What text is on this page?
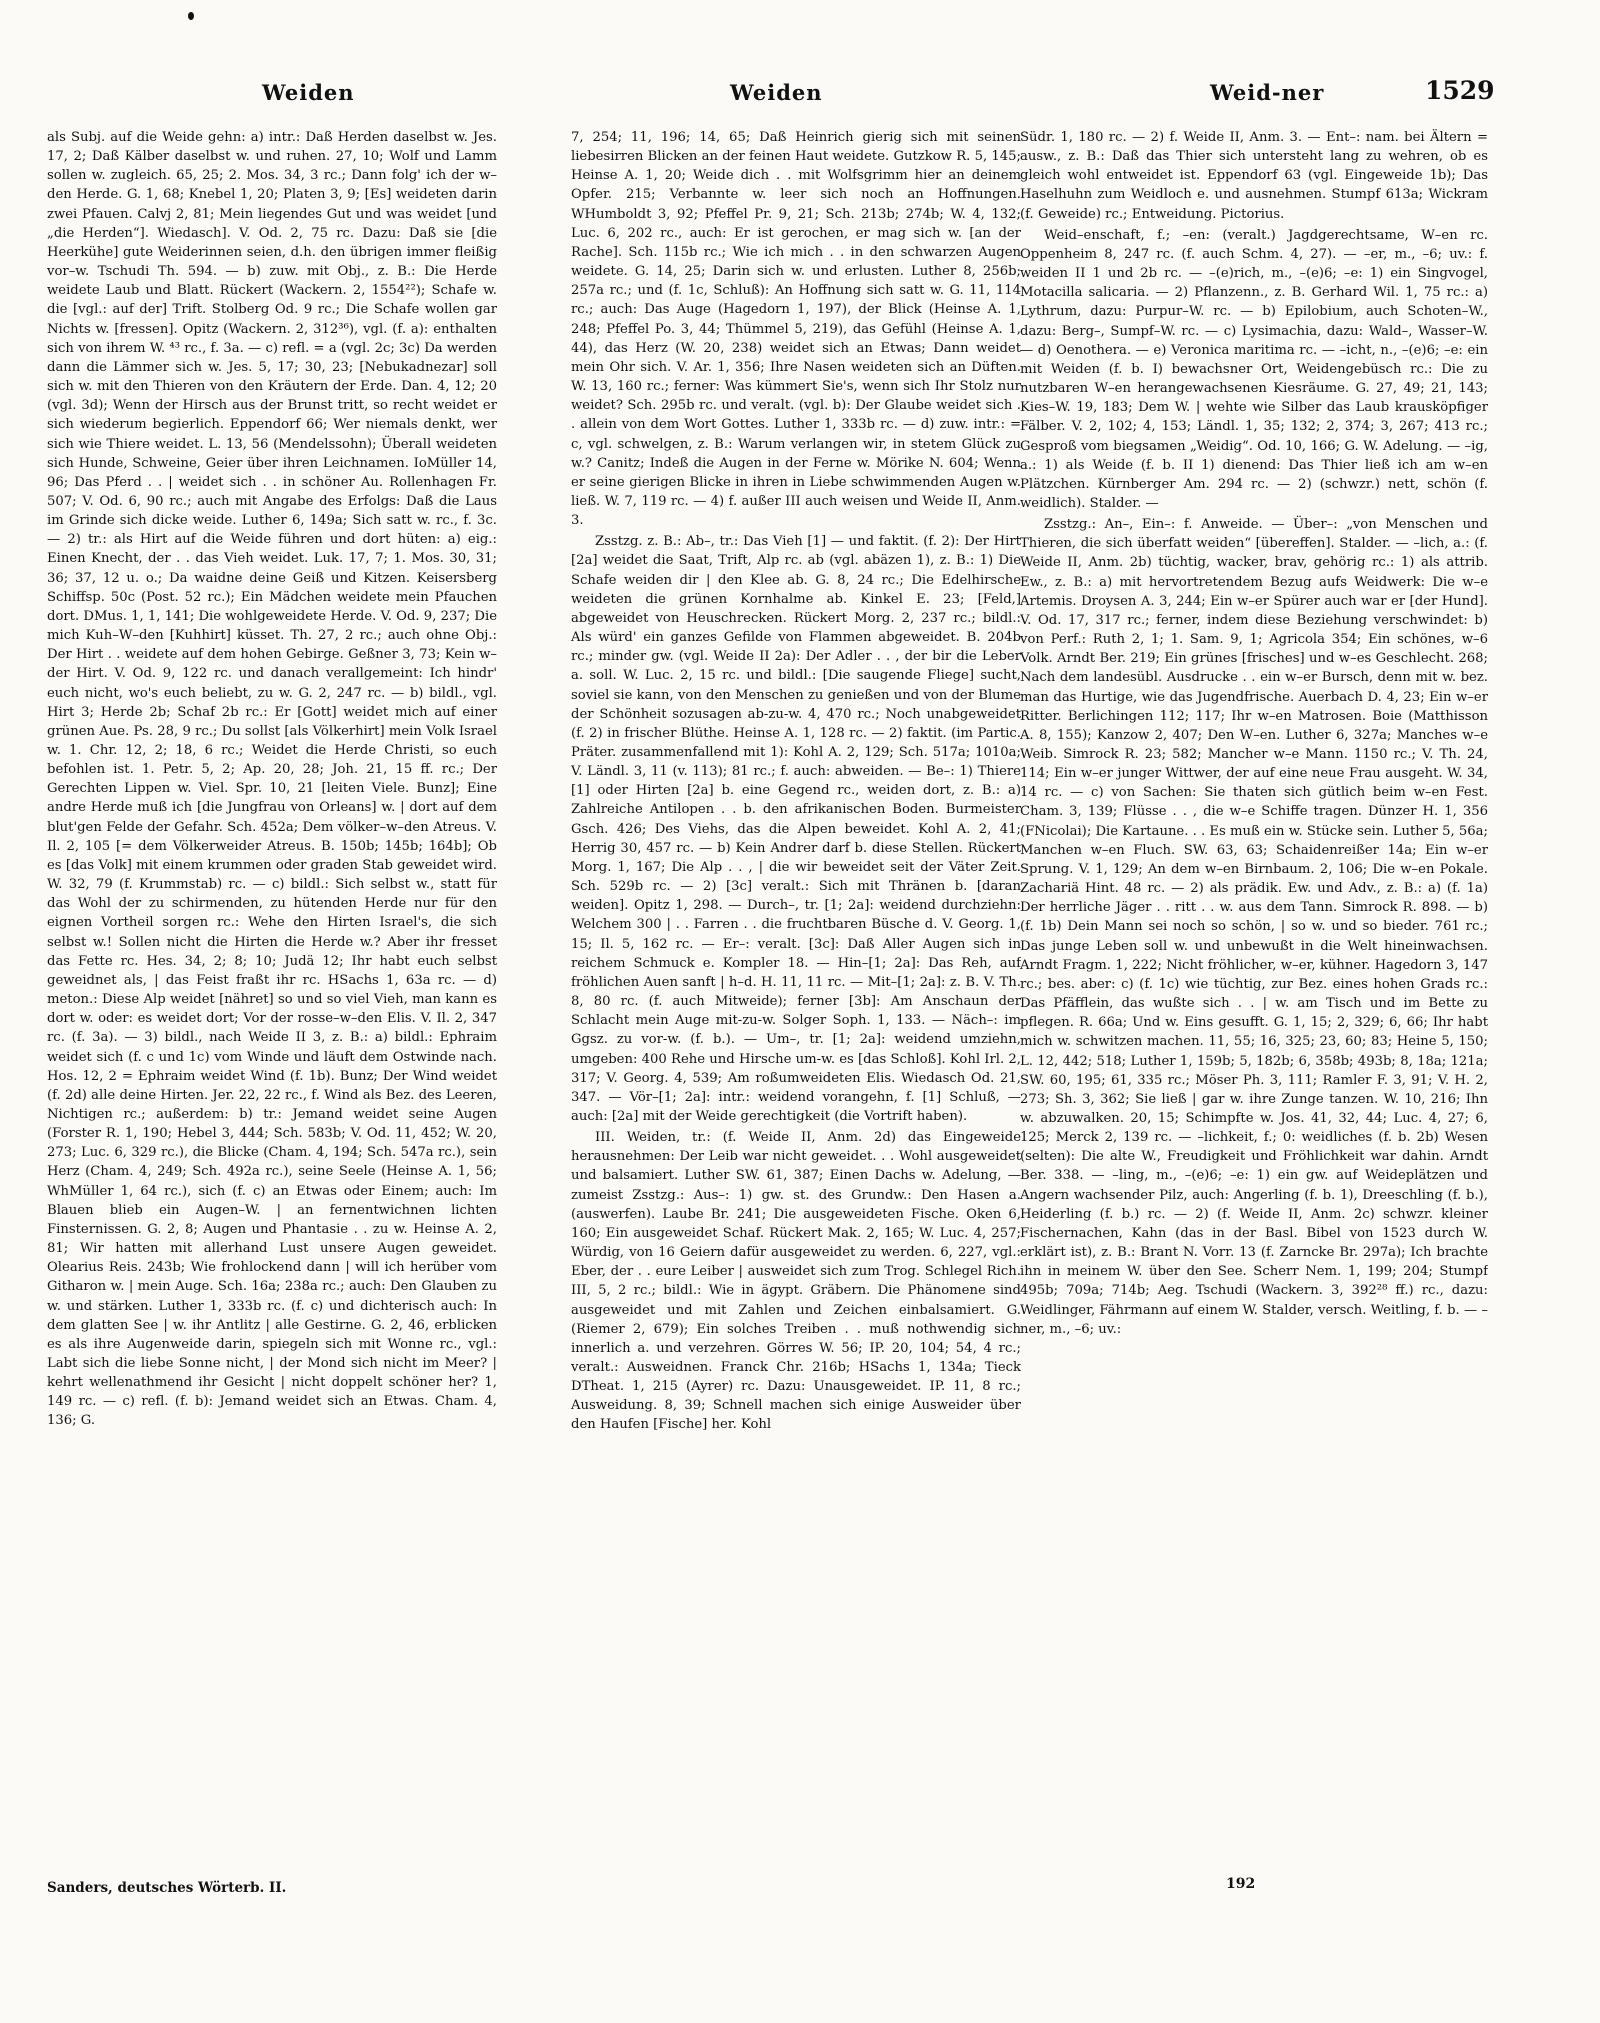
Weiden	Weiden	Weid-ner	1529

als Subj. auf die Weide gehn: a) intr.: Daß Herden daselbst w. Jes. 17, 2; Daß Kälber daselbst w. und ruhen. 27, 10; Wolf und Lamm sollen w. zugleich. 65, 25; 2. Mos. 34, 3 rc.; Dann folg' ich der w–den Herde. G. 1, 68; Knebel 1, 20; Platen 3, 9; [Es] weideten darin zwei Pfauen. Calvj 2, 81; Mein liegendes Gut und was weidet [und „die Herden“]. Wiedasch]. V. Od. 2, 75 rc. Dazu: Daß sie [die Heerkühe] gute Weiderinnen seien, d.h. den übrigen immer fleißig vor–w. Tschudi Th. 594. — b) zuw. mit Obj., z. B.: Die Herde weidete Laub und Blatt. Rückert (Wackern. 2, 1554²²); Schafe w. die [vgl.: auf der] Trift. Stolberg Od. 9 rc.; Die Schafe wollen gar Nichts w. [fressen]. Opitz (Wackern. 2, 312³⁶), vgl. (f. a): enthalten sich von ihrem W. ⁴³ rc., f. 3a. — c) refl. = a (vgl. 2c; 3c) Da werden dann die Lämmer sich w. Jes. 5, 17; 30, 23; [Nebukadnezar] soll sich w. mit den Thieren von den Kräutern der Erde. Dan. 4, 12; 20 (vgl. 3d); Wenn der Hirsch aus der Brunst tritt, so recht weidet er sich wiederum begierlich. Eppendorf 66; Wer niemals denkt, wer sich wie Thiere weidet. L. 13, 56 (Mendelssohn); Überall weideten sich Hunde, Schweine, Geier über ihren Leichnamen. IoMüller 14, 96; Das Pferd . . | weidet sich . . in schöner Au. Rollenhagen Fr. 507; V. Od. 6, 90 rc.; auch mit Angabe des Erfolgs: Daß die Laus im Grinde sich dicke weide. Luther 6, 149a; Sich satt w. rc., f. 3c. — 2) tr.: als Hirt auf die Weide führen und dort hüten: a) eig.: Einen Knecht, der . . das Vieh weidet. Luk. 17, 7; 1. Mos. 30, 31; 36; 37, 12 u. o.; Da waidne deine Geiß und Kitzen. Keisersberg Schiffsp. 50c (Post. 52 rc.); Ein Mädchen weidete mein Pfauchen dort. DMus. 1, 1, 141; Die wohlgeweidete Herde. V. Od. 9, 237; Die mich Kuh–W–den [Kuhhirt] küsset. Th. 27, 2 rc.; auch ohne Obj.: Der Hirt . . weidete auf dem hohen Gebirge. Geßner 3, 73; Kein w–der Hirt. V. Od. 9, 122 rc. und danach verallgemeint: Ich hindr' euch nicht, wo's euch beliebt, zu w. G. 2, 247 rc. — b) bildl., vgl. Hirt 3; Herde 2b; Schaf 2b rc.: Er [Gott] weidet mich auf einer grünen Aue. Ps. 28, 9 rc.; Du sollst [als Völkerhirt] mein Volk Israel w. 1. Chr. 12, 2; 18, 6 rc.; Weidet die Herde Christi, so euch befohlen ist. 1. Petr. 5, 2; Ap. 20, 28; Joh. 21, 15 ff. rc.; Der Gerechten Lippen w. Viel. Spr. 10, 21 [leiten Viele. Bunz]; Eine andre Herde muß ich [die Jungfrau von Orleans] w. | dort auf dem blut'gen Felde der Gefahr. Sch. 452a; Dem völker–w–den Atreus. V. Il. 2, 105 [= dem Völkerweider Atreus. B. 150b; 145b; 164b]; Ob es [das Volk] mit einem krummen oder graden Stab geweidet wird. W. 32, 79 (f. Krummstab) rc. — c) bildl.: Sich selbst w., statt für das Wohl der zu schirmenden, zu hütenden Herde nur für den eignen Vortheil sorgen rc.: Wehe den Hirten Israel's, die sich selbst w.! Sollen nicht die Hirten die Herde w.? Aber ihr fresset das Fette rc. Hes. 34, 2; 8; 10; Judä 12; Ihr habt euch selbst geweidnet als, | das Feist fraßt ihr rc. HSachs 1, 63a rc. — d) meton.: Diese Alp weidet [nähret] so und so viel Vieh, man kann es dort w. oder: es weidet dort; Vor der rosse–w–den Elis. V. Il. 2, 347 rc. (f. 3a). — 3) bildl., nach Weide II 3, z. B.: a) bildl.: Ephraim weidet sich (f. c und 1c) vom Winde und läuft dem Ostwinde nach. Hos. 12, 2 = Ephraim weidet Wind (f. 1b). Bunz; Der Wind weidet (f. 2d) alle deine Hirten. Jer. 22, 22 rc., f. Wind als Bez. des Leeren, Nichtigen rc.; außerdem: b) tr.: Jemand weidet seine Augen (Forster R. 1, 190; Hebel 3, 444; Sch. 583b; V. Od. 11, 452; W. 20, 273; Luc. 6, 329 rc.), die Blicke (Cham. 4, 194; Sch. 547a rc.), sein Herz (Cham. 4, 249; Sch. 492a rc.), seine Seele (Heinse A. 1, 56; WhMüller 1, 64 rc.), sich (f. c) an Etwas oder Einem; auch: Im Blauen blieb ein Augen–W. | an fernentwichnen lichten Finsternissen. G. 2, 8; Augen und Phantasie . . zu w. Heinse A. 2, 81; Wir hatten mit allerhand Lust unsere Augen geweidet. Olearius Reis. 243b; Wie frohlockend dann | will ich herüber vom Githaron w. | mein Auge. Sch. 16a; 238a rc.; auch: Den Glauben zu w. und stärken. Luther 1, 333b rc. (f. c) und dichterisch auch: In dem glatten See | w. ihr Antlitz | alle Gestirne. G. 2, 46, erblicken es als ihre Augenweide darin, spiegeln sich mit Wonne rc., vgl.: Labt sich die liebe Sonne nicht, | der Mond sich nicht im Meer? | kehrt wellenathmend ihr Gesicht | nicht doppelt schöner her? 1, 149 rc. — c) refl. (f. b): Jemand weidet sich an Etwas. Cham. 4, 136; G.

7, 254; 11, 196; 14, 65; Daß Heinrich gierig sich mit seinen liebesirren Blicken an der feinen Haut weidete. Gutzkow R. 5, 145; Heinse A. 1, 20; Weide dich . . mit Wolfsgrimm hier an deinem Opfer. 215; Verbannte w. leer sich noch an Hoffnungen. WHumboldt 3, 92; Pfeffel Pr. 9, 21; Sch. 213b; 274b; W. 4, 132; Luc. 6, 202 rc., auch: Er ist gerochen, er mag sich w. [an der Rache]. Sch. 115b rc.; Wie ich mich . . in den schwarzen Augen weidete. G. 14, 25; Darin sich w. und erlusten. Luther 8, 256b; 257a rc.; und (f. 1c, Schluß): An Hoffnung sich satt w. G. 11, 114 rc.; auch: Das Auge (Hagedorn 1, 197), der Blick (Heinse A. 1, 248; Pfeffel Po. 3, 44; Thümmel 5, 219), das Gefühl (Heinse A. 1, 44), das Herz (W. 20, 238) weidet sich an Etwas; Dann weidet mein Ohr sich. V. Ar. 1, 356; Ihre Nasen weideten sich an Düften. W. 13, 160 rc.; ferner: Was kümmert Sie's, wenn sich Ihr Stolz nur weidet? Sch. 295b rc. und veralt. (vgl. b): Der Glaube weidet sich . . allein von dem Wort Gottes. Luther 1, 333b rc. — d) zuw. intr.: = c, vgl. schwelgen, z. B.: Warum verlangen wir, in stetem Glück zu w.? Canitz; Indeß die Augen in der Ferne w. Mörike N. 604; Wenn er seine gierigen Blicke in ihren in Liebe schwimmenden Augen w. ließ. W. 7, 119 rc. — 4) f. außer III auch weisen und Weide II, Anm. 3.

Zsstzg. z. B.: Ab–, tr.: Das Vieh [1] — und faktit. (f. 2): Der Hirt [2a] weidet die Saat, Trift, Alp rc. ab (vgl. abäzen 1), z. B.: 1) Die Schafe weiden dir | den Klee ab. G. 8, 24 rc.; Die Edelhirsche weideten die grünen Kornhalme ab. Kinkel E. 23; [Feld,] abgeweidet von Heuschrecken. Rückert Morg. 2, 237 rc.; bildl.: Als würd' ein ganzes Gefilde von Flammen abgeweidet. B. 204b rc.; minder gw. (vgl. Weide II 2a): Der Adler . . , der bir die Leber a. soll. W. Luc. 2, 15 rc. und bildl.: [Die saugende Fliege] sucht, soviel sie kann, von den Menschen zu genießen und von der Blume der Schönheit sozusagen ab-zu-w. 4, 470 rc.; Noch unabgeweidet (f. 2) in frischer Blüthe. Heinse A. 1, 128 rc. — 2) faktit. (im Partic. Präter. zusammenfallend mit 1): Kohl A. 2, 129; Sch. 517a; 1010a; V. Ländl. 3, 11 (v. 113); 81 rc.; f. auch: abweiden. — Be–: 1) Thiere [1] oder Hirten [2a] b. eine Gegend rc., weiden dort, z. B.: a) Zahlreiche Antilopen . . b. den afrikanischen Boden. Burmeister Gsch. 426; Des Viehs, das die Alpen beweidet. Kohl A. 2, 41; Herrig 30, 457 rc. — b) Kein Andrer darf b. diese Stellen. Rückert Morg. 1, 167; Die Alp . . , | die wir beweidet seit der Väter Zeit. Sch. 529b rc. — 2) [3c] veralt.: Sich mit Thränen b. [daran weiden]. Opitz 1, 298. — Durch–, tr. [1; 2a]: weidend durchziehn: Welchem 300 | . . Farren . . die fruchtbaren Büsche d. V. Georg. 1, 15; Il. 5, 162 rc. — Er–: veralt. [3c]: Daß Aller Augen sich in reichem Schmuck e. Kompler 18. — Hin–[1; 2a]: Das Reh, auf fröhlichen Auen sanft | h–d. H. 11, 11 rc. — Mit–[1; 2a]: z. B. V. Th. 8, 80 rc. (f. auch Mitweide); ferner [3b]: Am Anschaun der Schlacht mein Auge mit-zu-w. Solger Soph. 1, 133. — Näch–: im Ggsz. zu vor-w. (f. b.). — Um–, tr. [1; 2a]: weidend umziehn, umgeben: 400 Rehe und Hirsche um-w. es [das Schloß]. Kohl Irl. 2, 317; V. Georg. 4, 539; Am roßumweideten Elis. Wiedasch Od. 21, 347. — Vör–[1; 2a]: intr.: weidend vorangehn, f. [1] Schluß, — auch: [2a] mit der Weide gerechtigkeit (die Vortrift haben).

III. Weiden, tr.: (f. Weide II, Anm. 2d) das Eingeweide herausnehmen: Der Leib war nicht geweidet. . . Wohl ausgeweidet und balsamiert. Luther SW. 61, 387; Einen Dachs w. Adelung, — zumeist Zsstzg.: Aus–: 1) gw. st. des Grundw.: Den Hasen a. (auswerfen). Laube Br. 241; Die ausgeweideten Fische. Oken 6, 160; Ein ausgeweidet Schaf. Rückert Mak. 2, 165; W. Luc. 4, 257; Würdig, von 16 Geiern dafür ausgeweidet zu werden. 6, 227, vgl.: Eber, der . . eure Leiber | ausweidet sich zum Trog. Schlegel Rich. III, 5, 2 rc.; bildl.: Wie in ägypt. Gräbern. Die Phänomene sind ausgeweidet und mit Zahlen und Zeichen einbalsamiert. G. (Riemer 2, 679); Ein solches Treiben . . muß nothwendig sich innerlich a. und verzehren. Görres W. 56; IP. 20, 104; 54, 4 rc.; veralt.: Ausweidnen. Franck Chr. 216b; HSachs 1, 134a; Tieck DTheat. 1, 215 (Ayrer) rc. Dazu: Unausgeweidet. IP. 11, 8 rc.; Ausweidung. 8, 39; Schnell machen sich einige Ausweider über den Haufen [Fische] her. Kohl

Südr. 1, 180 rc. — 2) f. Weide II, Anm. 3. — Ent–: nam. bei Ältern = ausw., z. B.: Daß das Thier sich untersteht lang zu wehren, ob es gleich wohl entweidet ist. Eppendorf 63 (vgl. Eingeweide 1b); Das Haselhuhn zum Weidloch e. und ausnehmen. Stumpf 613a; Wickram (f. Geweide) rc.; Entweidung. Pictorius.

Weid–enschaft, f.; –en: (veralt.) Jagdgerechtsame, W–en rc. Oppenheim 8, 247 rc. (f. auch Schm. 4, 27). — –er, m., –6; uv.: f. weiden II 1 und 2b rc. — –(e)rich, m., –(e)6; –e: 1) ein Singvogel, Motacilla salicaria. — 2) Pflanzenn., z. B. Gerhard Wil. 1, 75 rc.: a) Lythrum, dazu: Purpur–W. rc. — b) Epilobium, auch Schoten–W., dazu: Berg–, Sumpf–W. rc. — c) Lysimachia, dazu: Wald–, Wasser–W. — d) Oenothera. — e) Veronica maritima rc. — –icht, n., –(e)6; –e: ein mit Weiden (f. b. I) bewachsner Ort, Weidengebüsch rc.: Die zu nutzbaren W–en herangewachsenen Kiesräume. G. 27, 49; 21, 143; Kies–W. 19, 183; Dem W. | wehte wie Silber das Laub krausköpfiger Fälber. V. 2, 102; 4, 153; Ländl. 1, 35; 132; 2, 374; 3, 267; 413 rc.; Gesproß vom biegsamen „Weidig“. Od. 10, 166; G. W. Adelung. — –ig, a.: 1) als Weide (f. b. II 1) dienend: Das Thier ließ ich am w–en Plätzchen. Kürnberger Am. 294 rc. — 2) (schwzr.) nett, schön (f. weidlich). Stalder. —

Zsstzg.: An–, Ein–: f. Anweide. — Über–: „von Menschen und Thieren, die sich überfatt weiden“ [übereffen]. Stalder. — –lich, a.: (f. Weide II, Anm. 2b) tüchtig, wacker, brav, gehörig rc.: 1) als attrib. Ew., z. B.: a) mit hervortretendem Bezug aufs Weidwerk: Die w–e Artemis. Droysen A. 3, 244; Ein w–er Spürer auch war er [der Hund]. V. Od. 17, 317 rc.; ferner, indem diese Beziehung verschwindet: b) von Perf.: Ruth 2, 1; 1. Sam. 9, 1; Agricola 354; Ein schönes, w–6 Volk. Arndt Ber. 219; Ein grünes [frisches] und w–es Geschlecht. 268; Nach dem landesübl. Ausdrucke . . ein w–er Bursch, denn mit w. bez. man das Hurtige, wie das Jugendfrische. Auerbach D. 4, 23; Ein w–er Ritter. Berlichingen 112; 117; Ihr w–en Matrosen. Boie (Matthisson A. 8, 155); Kanzow 2, 407; Den W–en. Luther 6, 327a; Manches w–e Weib. Simrock R. 23; 582; Mancher w–e Mann. 1150 rc.; V. Th. 24, 114; Ein w–er junger Wittwer, der auf eine neue Frau ausgeht. W. 34, 14 rc. — c) von Sachen: Sie thaten sich gütlich beim w–en Fest. Cham. 3, 139; Flüsse . . , die w–e Schiffe tragen. Dünzer H. 1, 356 (FNicolai); Die Kartaune. . . Es muß ein w. Stücke sein. Luther 5, 56a; Manchen w–en Fluch. SW. 63, 63; Schaidenreißer 14a; Ein w–er Sprung. V. 1, 129; An dem w–en Birnbaum. 2, 106; Die w–en Pokale. Zachariä Hint. 48 rc. — 2) als prädik. Ew. und Adv., z. B.: a) (f. 1a) Der herrliche Jäger . . ritt . . w. aus dem Tann. Simrock R. 898. — b) (f. 1b) Dein Mann sei noch so schön, | so w. und so bieder. 761 rc.; Das junge Leben soll w. und unbewußt in die Welt hineinwachsen. Arndt Fragm. 1, 222; Nicht fröhlicher, w–er, kühner. Hagedorn 3, 147 rc.; bes. aber: c) (f. 1c) wie tüchtig, zur Bez. eines hohen Grads rc.: Das Pfäfflein, das wußte sich . . | w. am Tisch und im Bette zu pflegen. R. 66a; Und w. Eins gesufft. G. 1, 15; 2, 329; 6, 66; Ihr habt mich w. schwitzen machen. 11, 55; 16, 325; 23, 60; 83; Heine 5, 150; L. 12, 442; 518; Luther 1, 159b; 5, 182b; 6, 358b; 493b; 8, 18a; 121a; SW. 60, 195; 61, 335 rc.; Möser Ph. 3, 111; Ramler F. 3, 91; V. H. 2, 273; Sh. 3, 362; Sie ließ | gar w. ihre Zunge tanzen. W. 10, 216; Ihn w. abzuwalken. 20, 15; Schimpfte w. Jos. 41, 32, 44; Luc. 4, 27; 6, 125; Merck 2, 139 rc. — –lichkeit, f.; 0: weidliches (f. b. 2b) Wesen (selten): Die alte W., Freudigkeit und Fröhlichkeit war dahin. Arndt Ber. 338. — –ling, m., –(e)6; –e: 1) ein gw. auf Weideplätzen und Angern wachsender Pilz, auch: Angerling (f. b. 1), Dreeschling (f. b.), Heiderling (f. b.) rc. — 2) (f. Weide II, Anm. 2c) schwzr. kleiner Fischernachen, Kahn (das in der Basl. Bibel von 1523 durch W. erklärt ist), z. B.: Brant N. Vorr. 13 (f. Zarncke Br. 297a); Ich brachte ihn in meinem W. über den See. Scherr Nem. 1, 199; 204; Stumpf 495b; 709a; 714b; Aeg. Tschudi (Wackern. 3, 392²⁸ ff.) rc., dazu: Weidlinger, Fährmann auf einem W. Stalder, versch. Weitling, f. b. — –ner, m., –6; uv.:

Sanders, deutsches Wörterb. II.	192
